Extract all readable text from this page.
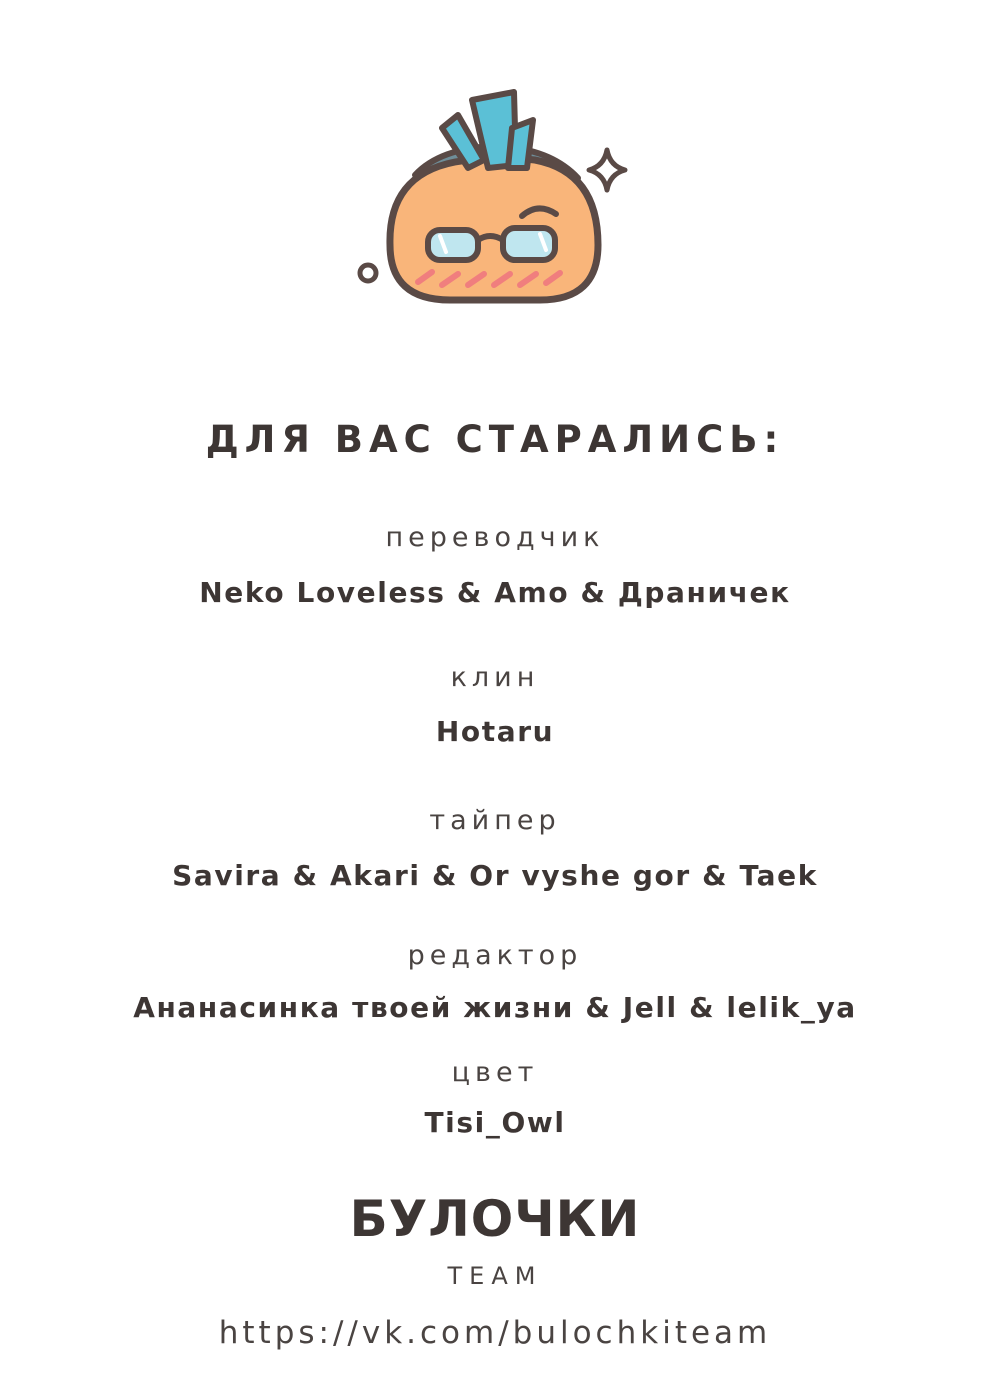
ДЛЯ ВАС СТАРАЛИСЬ:
переводчик
Neko Loveless & Amo & Драничек
клин
Hotaru
тайпер
Savira & Akari & Or vyshe gor & Taek
редактор
Ананасинка твоей жизни & Jell & lelik_ya
цвет
Tisi_Owl
БУЛОЧКИ
TEAM
https://vk.com/bulochkiteam
